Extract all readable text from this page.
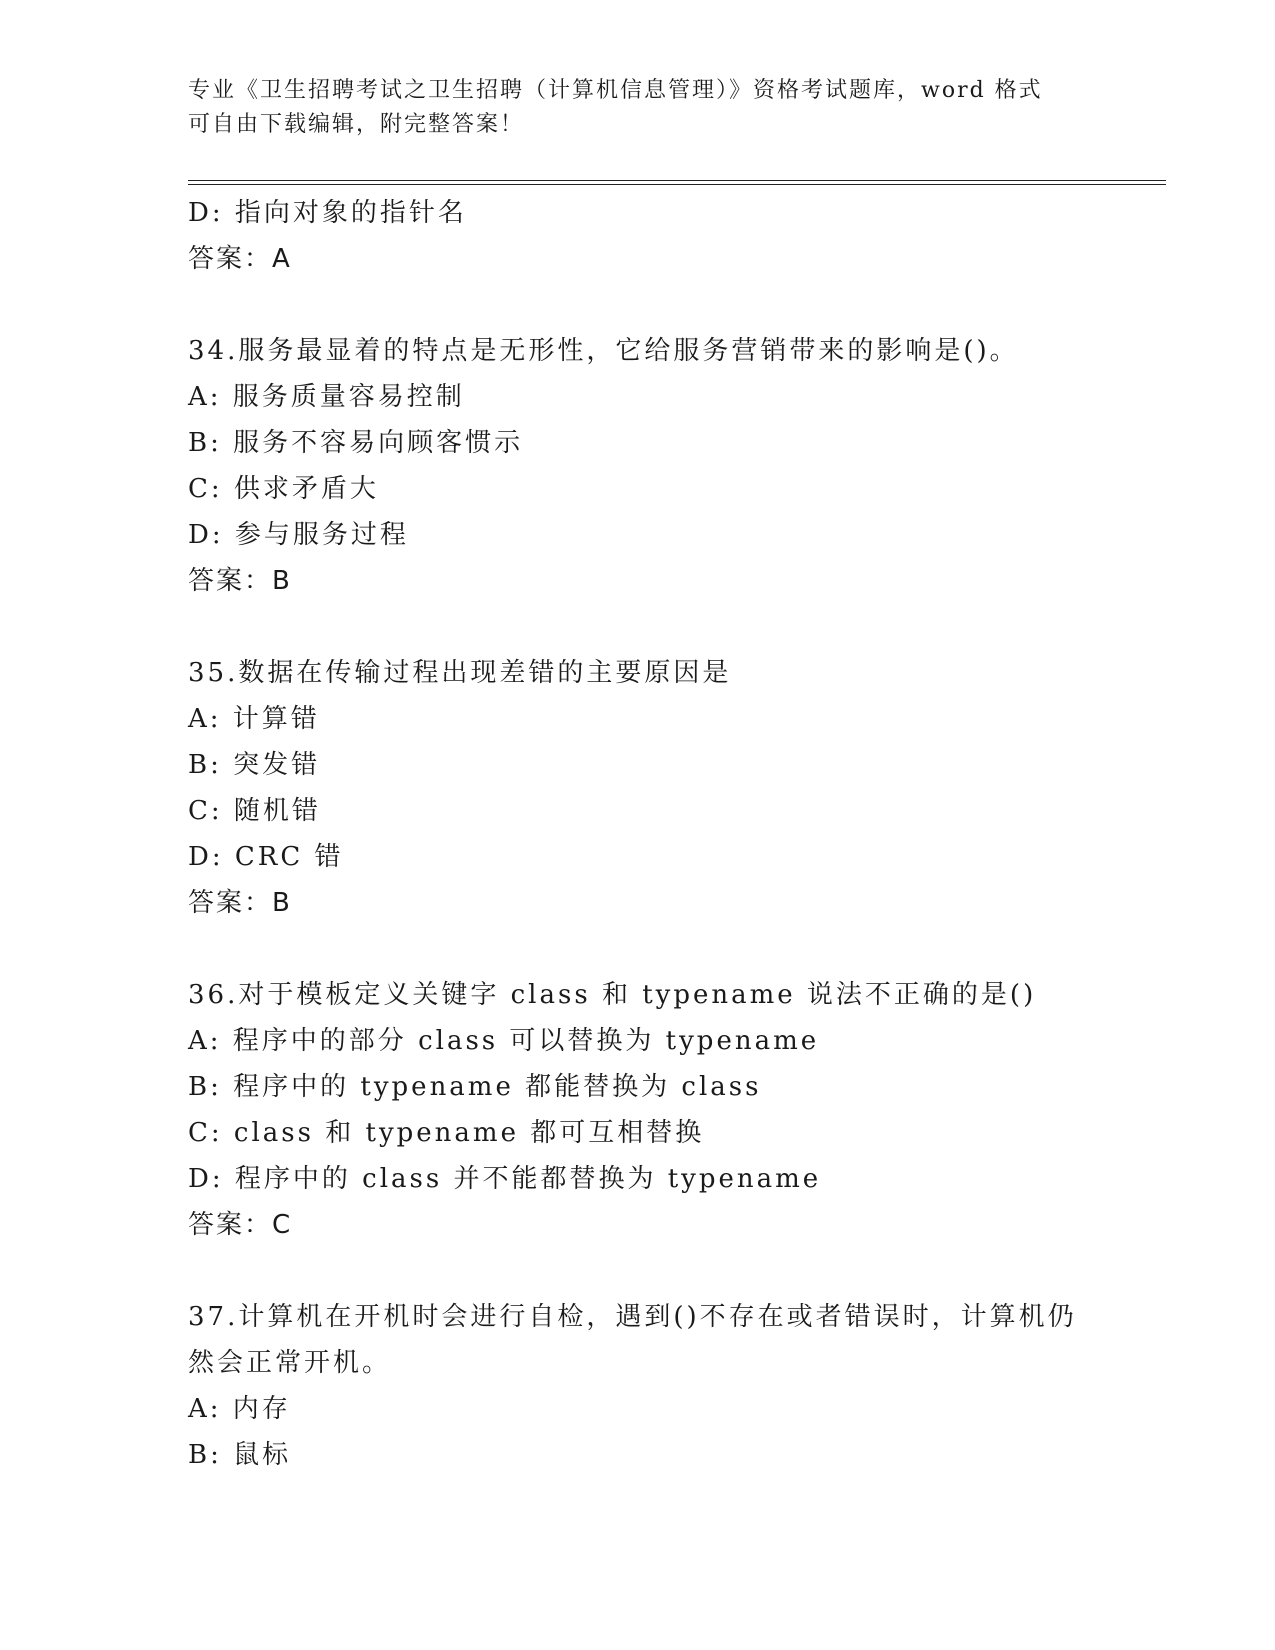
专业《卫生招聘考试之卫生招聘（计算机信息管理）》资格考试题库，word 格式
可自由下载编辑，附完整答案！
D: 指向对象的指针名
答案：A
34.服务最显着的特点是无形性，它给服务营销带来的影响是()。
A: 服务质量容易控制
B: 服务不容易向顾客惯示
C: 供求矛盾大
D: 参与服务过程
答案：B
35.数据在传输过程出现差错的主要原因是
A: 计算错
B: 突发错
C: 随机错
D: CRC 错
答案：B
36.对于模板定义关键字 class 和 typename 说法不正确的是()
A: 程序中的部分 class 可以替换为 typename
B: 程序中的 typename 都能替换为 class
C: class 和 typename 都可互相替换
D: 程序中的 class 并不能都替换为 typename
答案：C
37.计算机在开机时会进行自检，遇到()不存在或者错误时，计算机仍
然会正常开机。
A: 内存
B: 鼠标
